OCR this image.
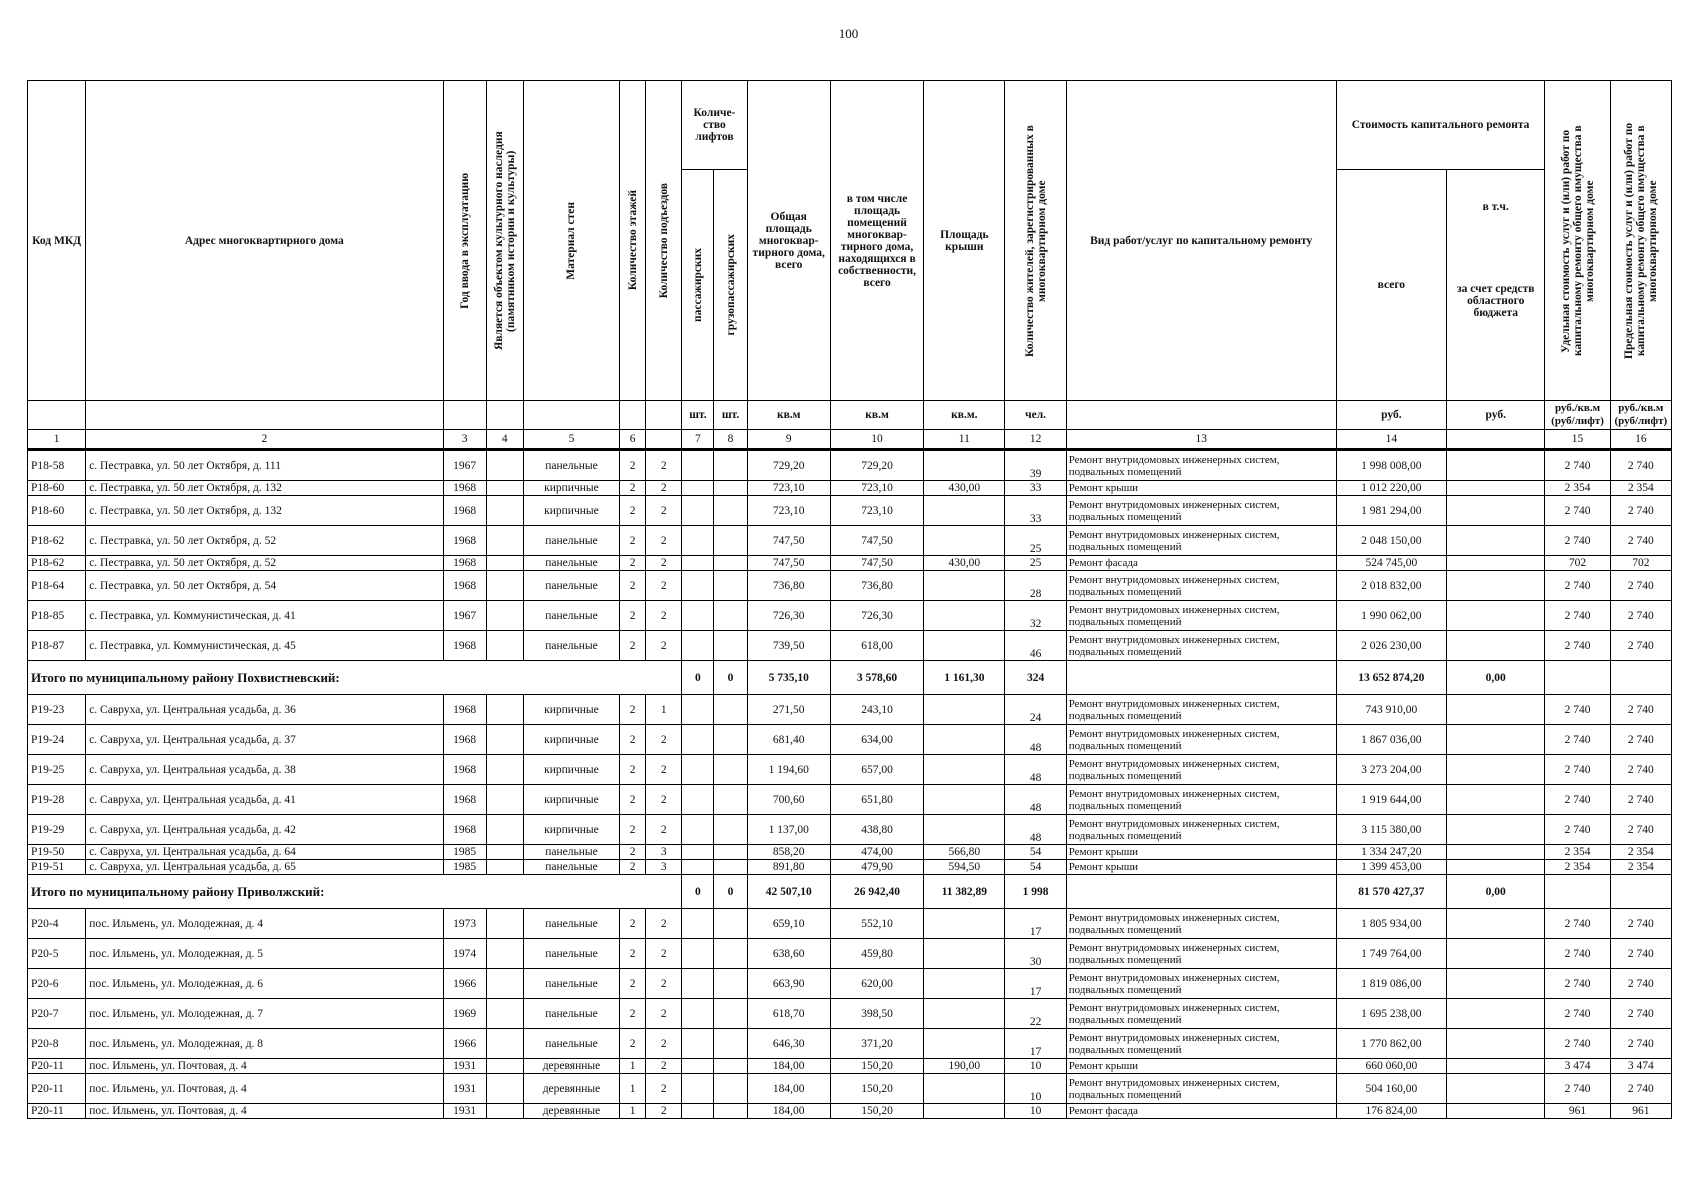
100
Код МКД	Адрес многоквартирного дома	Год ввода в эксплуатацию	Является объектом культурного наследия (памятником истории и культуры)	Материал стен	Количество этажей	Количество подъездов	Количе-ство лифтов		Общая площадь многоквар-тирного дома, всего	в том числе площадь помещений многоквар-тирного дома, находящихся в собственности, всего	Площадь крыши	Количество жителей, зарегистрированных в многоквартирном доме	Вид работ/услуг по капитальному ремонту	Стоимость капитального ремонта		Удельная стоимость услуг и (или) работ по капитальному ремонту общего имущества в многоквартирном доме	Предельная стоимость услуг и (или) работ по капитальному ремонту общего имущества в многоквартирном доме

							пассажирских	грузопассажирских						всего	в т.ч.
за счет средств областного бюджета		

							шт.	шт.	кв.м	кв.м	кв.м.	чел.		руб.	руб.	руб./кв.м (руб/лифт)	руб./кв.м (руб/лифт)
1	2	3	4	5	6		7	8	9	10	11	12	13	14		15	16
P18-58	с. Пестравка, ул. 50 лет Октября, д. 111	1967		панельные	2	2			729,20	729,20		39	Ремонт внутридомовых инженерных систем, подвальных помещений	1 998 008,00		2 740	2 740
P18-60	с. Пестравка, ул. 50 лет Октября, д. 132	1968		кирпичные	2	2			723,10	723,10	430,00	33	Ремонт крыши	1 012 220,00		2 354	2 354
P18-60	с. Пестравка, ул. 50 лет Октября, д. 132	1968		кирпичные	2	2			723,10	723,10		33	Ремонт внутридомовых инженерных систем, подвальных помещений	1 981 294,00		2 740	2 740
P18-62	с. Пестравка, ул. 50 лет Октября, д. 52	1968		панельные	2	2			747,50	747,50		25	Ремонт внутридомовых инженерных систем, подвальных помещений	2 048 150,00		2 740	2 740
P18-62	с. Пестравка, ул. 50 лет Октября, д. 52	1968		панельные	2	2			747,50	747,50	430,00	25	Ремонт фасада	524 745,00		702	702
P18-64	с. Пестравка, ул. 50 лет Октября, д. 54	1968		панельные	2	2			736,80	736,80		28	Ремонт внутридомовых инженерных систем, подвальных помещений	2 018 832,00		2 740	2 740
P18-85	с. Пестравка, ул. Коммунистическая, д. 41	1967		панельные	2	2			726,30	726,30		32	Ремонт внутридомовых инженерных систем, подвальных помещений	1 990 062,00		2 740	2 740
P18-87	с. Пестравка, ул. Коммунистическая, д. 45	1968		панельные	2	2			739,50	618,00		46	Ремонт внутридомовых инженерных систем, подвальных помещений	2 026 230,00		2 740	2 740
Итого по муниципальному району Похвистневский:							0	0	5 735,10	3 578,60	1 161,30	324		13 652 874,20	0,00		
P19-23	с. Савруха, ул. Центральная усадьба, д. 36	1968		кирпичные	2	1			271,50	243,10		24	Ремонт внутридомовых инженерных систем, подвальных помещений	743 910,00		2 740	2 740
P19-24	с. Савруха, ул. Центральная усадьба, д. 37	1968		кирпичные	2	2			681,40	634,00		48	Ремонт внутридомовых инженерных систем, подвальных помещений	1 867 036,00		2 740	2 740
P19-25	с. Савруха, ул. Центральная усадьба, д. 38	1968		кирпичные	2	2			1 194,60	657,00		48	Ремонт внутридомовых инженерных систем, подвальных помещений	3 273 204,00		2 740	2 740
P19-28	с. Савруха, ул. Центральная усадьба, д. 41	1968		кирпичные	2	2			700,60	651,80		48	Ремонт внутридомовых инженерных систем, подвальных помещений	1 919 644,00		2 740	2 740
P19-29	с. Савруха, ул. Центральная усадьба, д. 42	1968		кирпичные	2	2			1 137,00	438,80		48	Ремонт внутридомовых инженерных систем, подвальных помещений	3 115 380,00		2 740	2 740
P19-50	с. Савруха, ул. Центральная усадьба, д. 64	1985		панельные	2	3			858,20	474,00	566,80	54	Ремонт крыши	1 334 247,20		2 354	2 354
P19-51	с. Савруха, ул. Центральная усадьба, д. 65	1985		панельные	2	3			891,80	479,90	594,50	54	Ремонт крыши	1 399 453,00		2 354	2 354
Итого по муниципальному району Приволжский:							0	0	42 507,10	26 942,40	11 382,89	1 998		81 570 427,37	0,00		
P20-4	пос. Ильмень, ул. Молодежная, д. 4	1973		панельные	2	2			659,10	552,10		17	Ремонт внутридомовых инженерных систем, подвальных помещений	1 805 934,00		2 740	2 740
P20-5	пос. Ильмень, ул. Молодежная, д. 5	1974		панельные	2	2			638,60	459,80		30	Ремонт внутридомовых инженерных систем, подвальных помещений	1 749 764,00		2 740	2 740
P20-6	пос. Ильмень, ул. Молодежная, д. 6	1966		панельные	2	2			663,90	620,00		17	Ремонт внутридомовых инженерных систем, подвальных помещений	1 819 086,00		2 740	2 740
P20-7	пос. Ильмень, ул. Молодежная, д. 7	1969		панельные	2	2			618,70	398,50		22	Ремонт внутридомовых инженерных систем, подвальных помещений	1 695 238,00		2 740	2 740
P20-8	пос. Ильмень, ул. Молодежная, д. 8	1966		панельные	2	2			646,30	371,20		17	Ремонт внутридомовых инженерных систем, подвальных помещений	1 770 862,00		2 740	2 740
P20-11	пос. Ильмень, ул. Почтовая, д. 4	1931		деревянные	1	2			184,00	150,20	190,00	10	Ремонт крыши	660 060,00		3 474	3 474
P20-11	пос. Ильмень, ул. Почтовая, д. 4	1931		деревянные	1	2			184,00	150,20		10	Ремонт внутридомовых инженерных систем, подвальных помещений	504 160,00		2 740	2 740
P20-11	пос. Ильмень, ул. Почтовая, д. 4	1931		деревянные	1	2			184,00	150,20		10	Ремонт фасада	176 824,00		961	961
